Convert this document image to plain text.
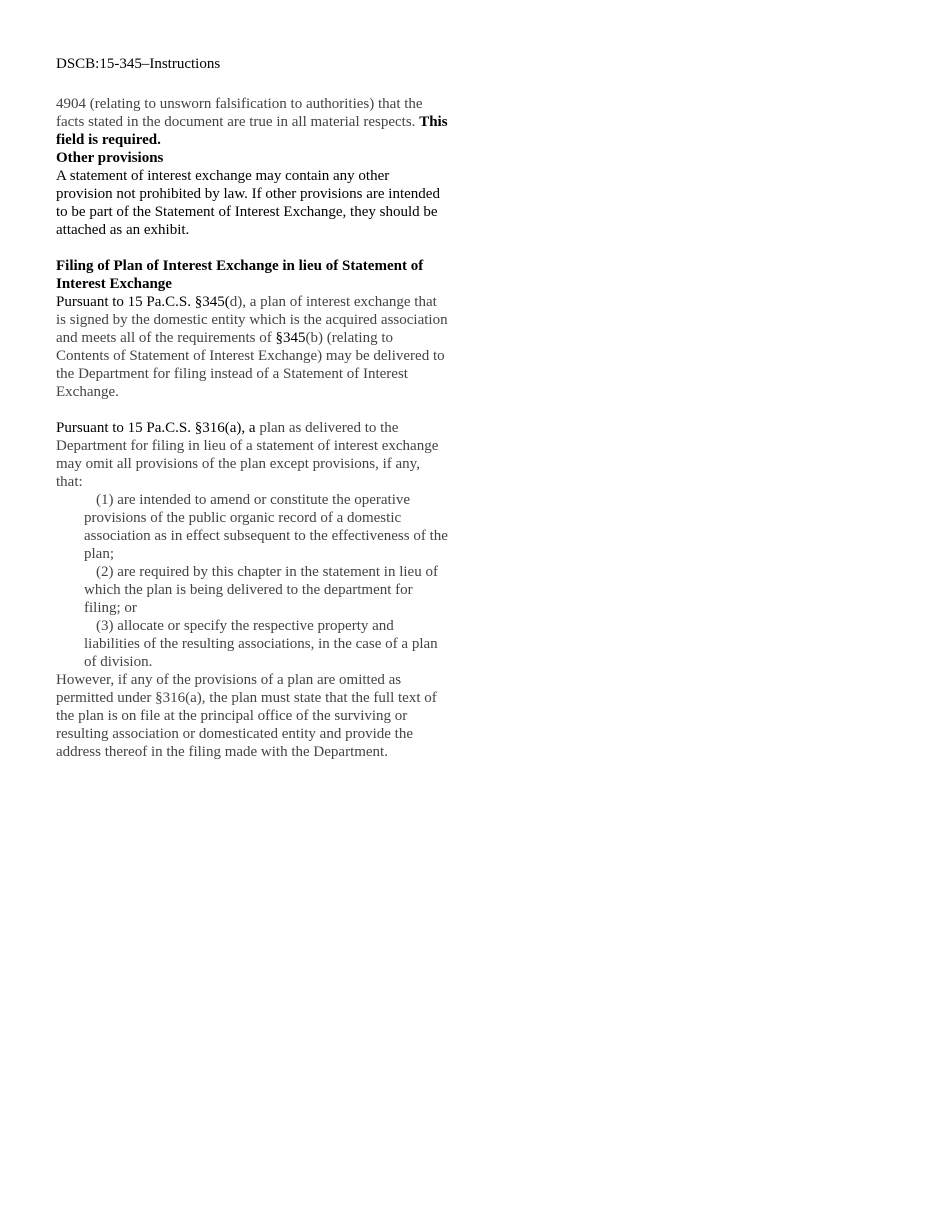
DSCB:15-345–Instructions

4904 (relating to unsworn falsification to authorities) that the facts stated in the document are true in all material respects. This field is required.

Other provisions

A statement of interest exchange may contain any other provision not prohibited by law. If other provisions are intended to be part of the Statement of Interest Exchange, they should be attached as an exhibit.

Filing of Plan of Interest Exchange in lieu of Statement of Interest Exchange

Pursuant to 15 Pa.C.S. §345(d), a plan of interest exchange that is signed by the domestic entity which is the acquired association and meets all of the requirements of §345(b) (relating to Contents of Statement of Interest Exchange) may be delivered to the Department for filing instead of a Statement of Interest Exchange.

Pursuant to 15 Pa.C.S. §316(a), a plan as delivered to the Department for filing in lieu of a statement of interest exchange may omit all provisions of the plan except provisions, if any, that:

(1) are intended to amend or constitute the operative provisions of the public organic record of a domestic association as in effect subsequent to the effectiveness of the plan;

(2) are required by this chapter in the statement in lieu of which the plan is being delivered to the department for filing; or

(3) allocate or specify the respective property and liabilities of the resulting associations, in the case of a plan of division.

However, if any of the provisions of a plan are omitted as permitted under §316(a), the plan must state that the full text of the plan is on file at the principal office of the surviving or resulting association or domesticated entity and provide the address thereof in the filing made with the Department.
